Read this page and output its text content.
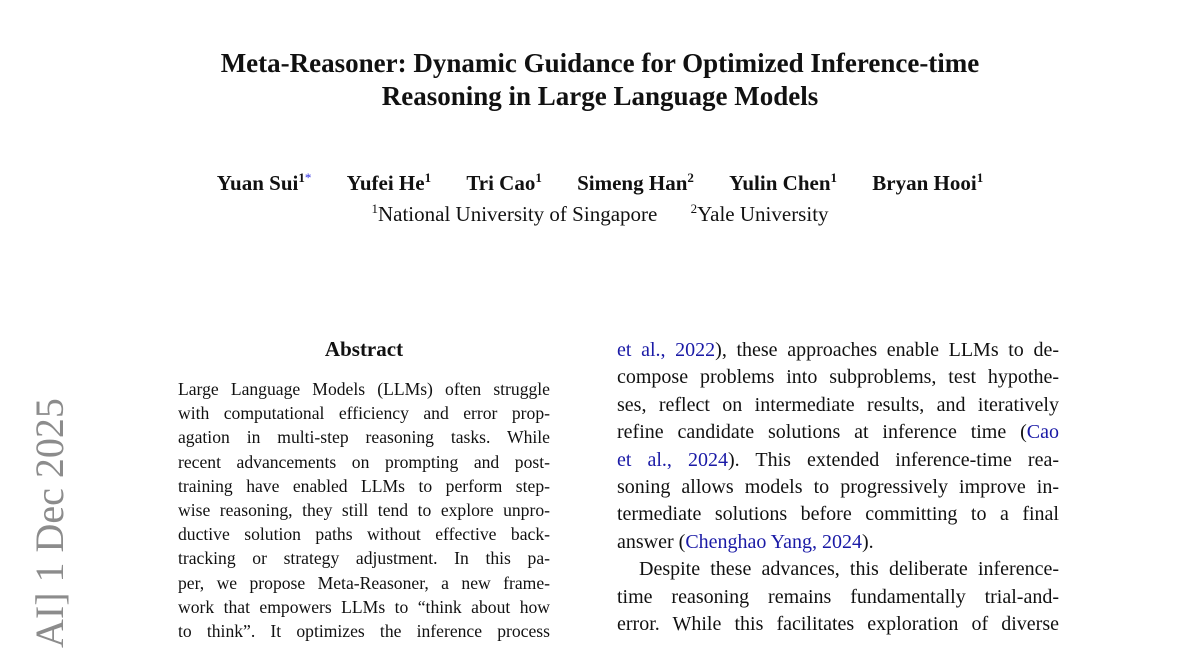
AI] 1 Dec 2025
Meta-Reasoner: Dynamic Guidance for Optimized Inference-time
Reasoning in Large Language Models
Yuan Sui$^{1*}$ Yufei He$^1$ Tri Cao$^1$ Simeng Han$^2$ Yulin Chen$^1$ Bryan Hooi$^1$
$^1$National University of Singapore	$^2$Yale University
Abstract
Large Language Models (LLMs) often struggle
with computational efficiency and error prop-
agation in multi-step reasoning tasks. While
recent advancements on prompting and post-
training have enabled LLMs to perform step-
wise reasoning, they still tend to explore unpro-
ductive solution paths without effective back-
tracking or strategy adjustment. In this pa-
per, we propose Meta-Reasoner, a new frame-
work that empowers LLMs to “think about how
to think”. It optimizes the inference process
et al., 2022), these approaches enable LLMs to de-
compose problems into subproblems, test hypothe-
ses, reflect on intermediate results, and iteratively
refine candidate solutions at inference time (Cao
et al., 2024). This extended inference-time rea-
soning allows models to progressively improve in-
termediate solutions before committing to a final
answer (Chenghao Yang, 2024).
Despite these advances, this deliberate inference-
time reasoning remains fundamentally trial-and-
error. While this facilitates exploration of diverse
